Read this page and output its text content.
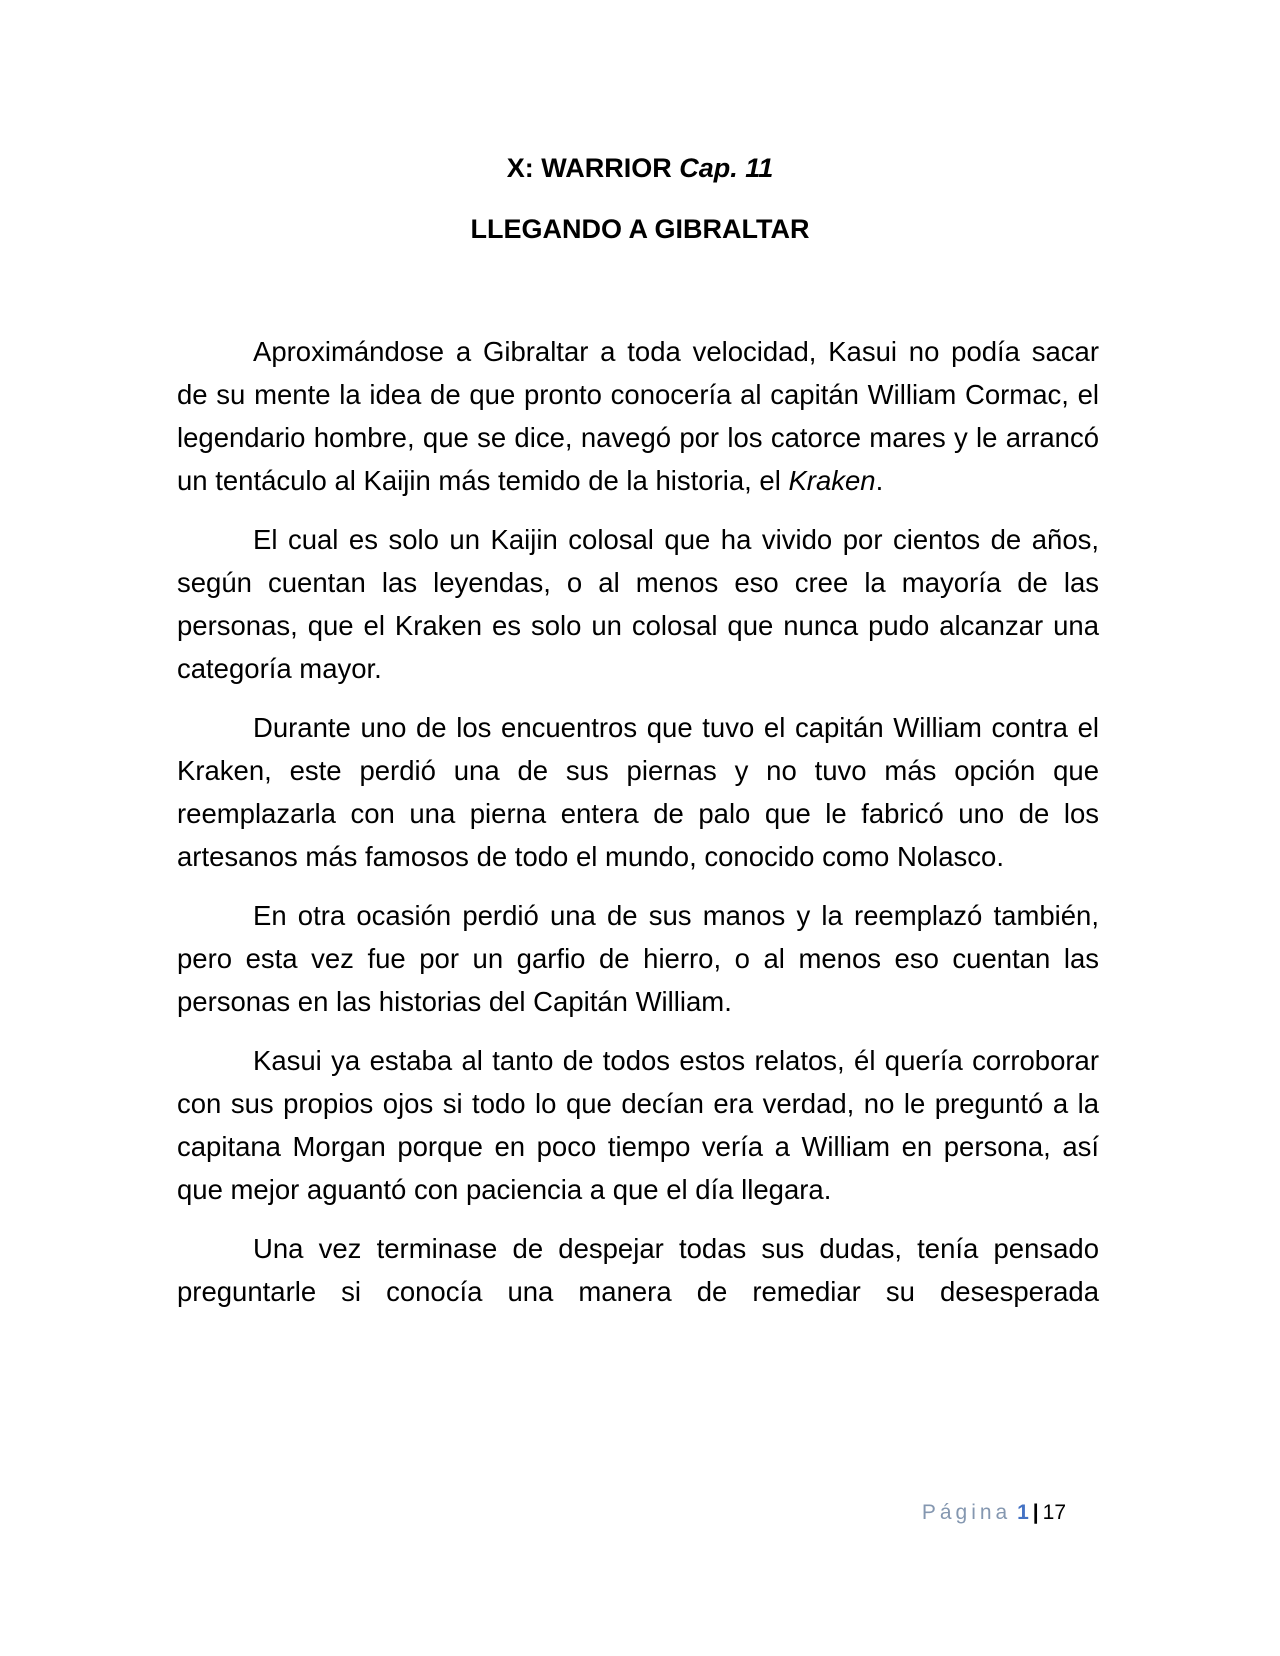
X: WARRIOR Cap. 11
LLEGANDO A GIBRALTAR

Aproximándose a Gibraltar a toda velocidad, Kasui no podía sacar de su mente la idea de que pronto conocería al capitán William Cormac, el legendario hombre, que se dice, navegó por los catorce mares y le arrancó un tentáculo al Kaijin más temido de la historia, el Kraken.

El cual es solo un Kaijin colosal que ha vivido por cientos de años, según cuentan las leyendas, o al menos eso cree la mayoría de las personas, que el Kraken es solo un colosal que nunca pudo alcanzar una categoría mayor.

Durante uno de los encuentros que tuvo el capitán William contra el Kraken, este perdió una de sus piernas y no tuvo más opción que reemplazarla con una pierna entera de palo que le fabricó uno de los artesanos más famosos de todo el mundo, conocido como Nolasco.

En otra ocasión perdió una de sus manos y la reemplazó también, pero esta vez fue por un garfio de hierro, o al menos eso cuentan las personas en las historias del Capitán William.

Kasui ya estaba al tanto de todos estos relatos, él quería corroborar con sus propios ojos si todo lo que decían era verdad, no le preguntó a la capitana Morgan porque en poco tiempo vería a William en persona, así que mejor aguantó con paciencia a que el día llegara.

Una vez terminase de despejar todas sus dudas, tenía pensado preguntarle si conocía una manera de remediar su desesperada

Página 1 | 17
